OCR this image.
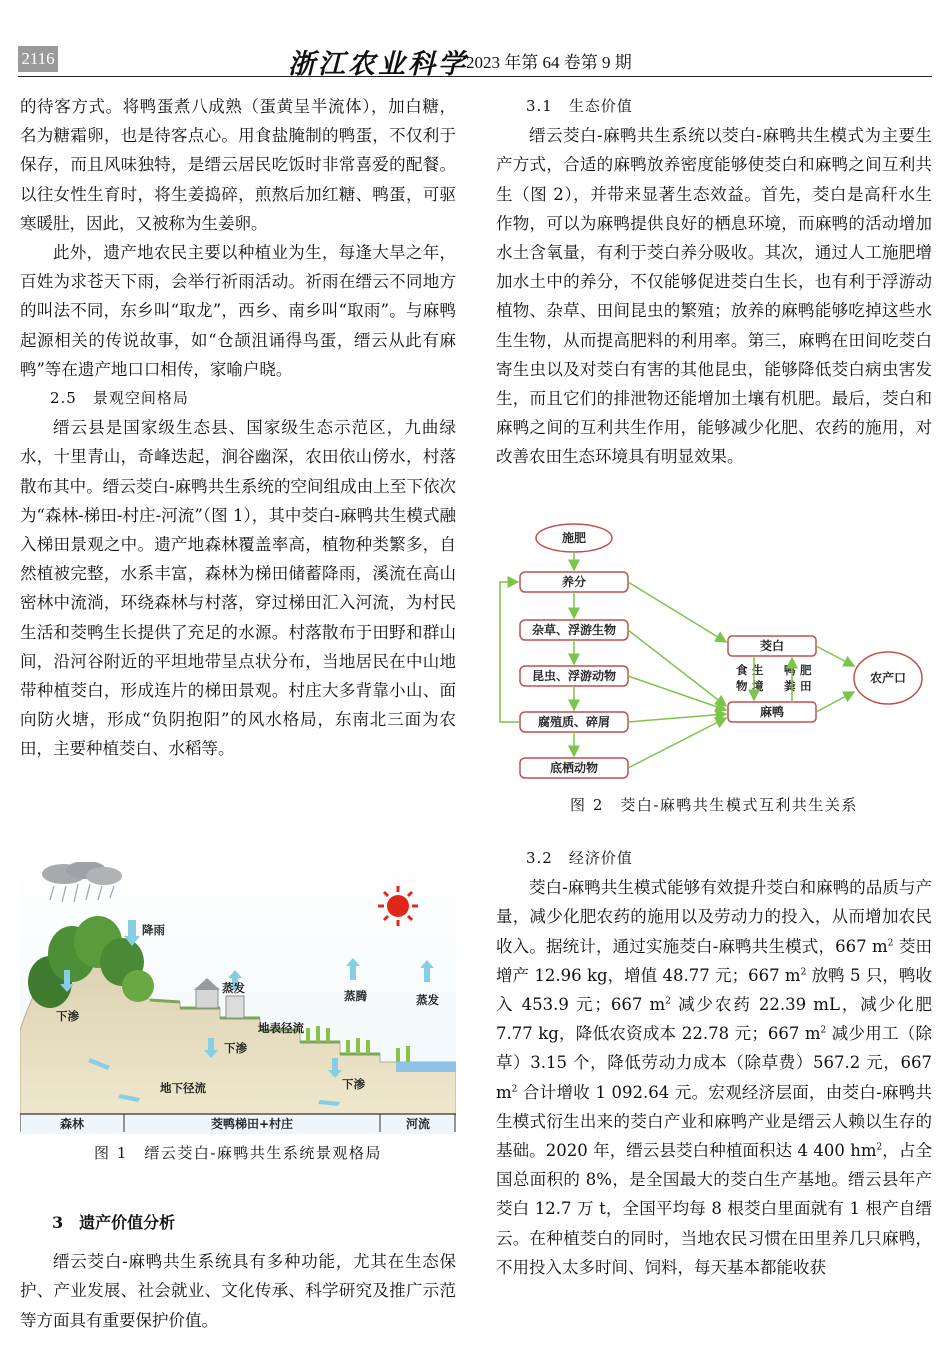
2116	浙江农业科学
2023 年第 64 卷第 9 期

的待客方式。将鸭蛋煮八成熟（蛋黄呈半流体），加白糖，名为糖霜卵，也是待客点心。用食盐腌制的鸭蛋，不仅利于保存，而且风味独特，是缙云居民吃饭时非常喜爱的配餐。以往女性生育时，将生姜捣碎，煎熬后加红糖、鸭蛋，可驱寒暖肚，因此，又被称为生姜卵。

此外，遗产地农民主要以种植业为生，每逢大旱之年，百姓为求苍天下雨，会举行祈雨活动。祈雨在缙云不同地方的叫法不同，东乡叫“取龙”，西乡、南乡叫“取雨”。与麻鸭起源相关的传说故事，如“仓颉沮诵得鸟蛋，缙云从此有麻鸭”等在遗产地口口相传，家喻户晓。

2.5　景观空间格局

缙云县是国家级生态县、国家级生态示范区，九曲绿水，十里青山，奇峰迭起，涧谷幽深，农田依山傍水，村落散布其中。缙云茭白-麻鸭共生系统的空间组成由上至下依次为“森林-梯田-村庄-河流”（图 1），其中茭白-麻鸭共生模式融入梯田景观之中。遗产地森林覆盖率高，植物种类繁多，自然植被完整，水系丰富，森林为梯田储蓄降雨，溪流在高山密林中流淌，环绕森林与村落，穿过梯田汇入河流，为村民生活和茭鸭生长提供了充足的水源。村落散布于田野和群山间，沿河谷附近的平坦地带呈点状分布，当地居民在中山地带种植茭白，形成连片的梯田景观。村庄大多背靠小山、面向防火塘，形成“负阴抱阳”的风水格局，东南北三面为农田，主要种植茭白、水稻等。

降雨
下渗
蒸发
蒸腾	蒸发
地表径流
下渗
下渗
地下径流
森林	茭鸭梯田+村庄	河流
图 1　缙云茭白-麻鸭共生系统景观格局

3　遗产价值分析

缙云茭白-麻鸭共生系统具有多种功能，尤其在生态保护、产业发展、社会就业、文化传承、科学研究及推广示范等方面具有重要保护价值。

3.1　生态价值

缙云茭白-麻鸭共生系统以茭白-麻鸭共生模式为主要生产方式，合适的麻鸭放养密度能够使茭白和麻鸭之间互利共生（图 2），并带来显著生态效益。首先，茭白是高秆水生作物，可以为麻鸭提供良好的栖息环境，而麻鸭的活动增加水土含氧量，有利于茭白养分吸收。其次，通过人工施肥增加水土中的养分，不仅能够促进茭白生长，也有利于浮游动植物、杂草、田间昆虫的繁殖；放养的麻鸭能够吃掉这些水生生物，从而提高肥料的利用率。第三，麻鸭在田间吃茭白寄生虫以及对茭白有害的其他昆虫，能够降低茭白病虫害发生，而且它们的排泄物还能增加土壤有机肥。最后，茭白和麻鸭之间的互利共生作用，能够减少化肥、农药的施用，对改善农田生态环境具有明显效果。

施肥
养分
杂草、浮游生物
昆虫、浮游动物
腐殖质、碎屑
底栖动物
茭白
麻鸭
农产口
食
物
生
境
鸭
粪
肥
田
食物生境鸭粪肥田
图 2　茭白-麻鸭共生模式互利共生关系

3.2　经济价值

茭白-麻鸭共生模式能够有效提升茭白和麻鸭的品质与产量，减少化肥农药的施用以及劳动力的投入，从而增加农民收入。据统计，通过实施茭白-麻鸭共生模式，667 $m^2$ 茭田增产 12.96 kg，增值 48.77 元；667 $m^2$ 放鸭 5 只，鸭收入 453.9 元；667 $m^2$ 减少农药 22.39 mL，减少化肥 7.77 kg，降低农资成本 22.78 元；667 $m^2$ 减少用工（除草）3.15 个，降低劳动力成本（除草费）567.2 元，667 $m^2$ 合计增收 1 092.64 元。宏观经济层面，由茭白-麻鸭共生模式衍生出来的茭白产业和麻鸭产业是缙云人赖以生存的基础。2020 年，缙云县茭白种植面积达 4 400 $hm^2$，占全国总面积的 8%，是全国最大的茭白生产基地。缙云县年产茭白 12.7 万 t，全国平均每 8 根茭白里面就有 1 根产自缙云。在种植茭白的同时，当地农民习惯在田里养几只麻鸭，不用投入太多时间、饲料，每天基本都能收获
